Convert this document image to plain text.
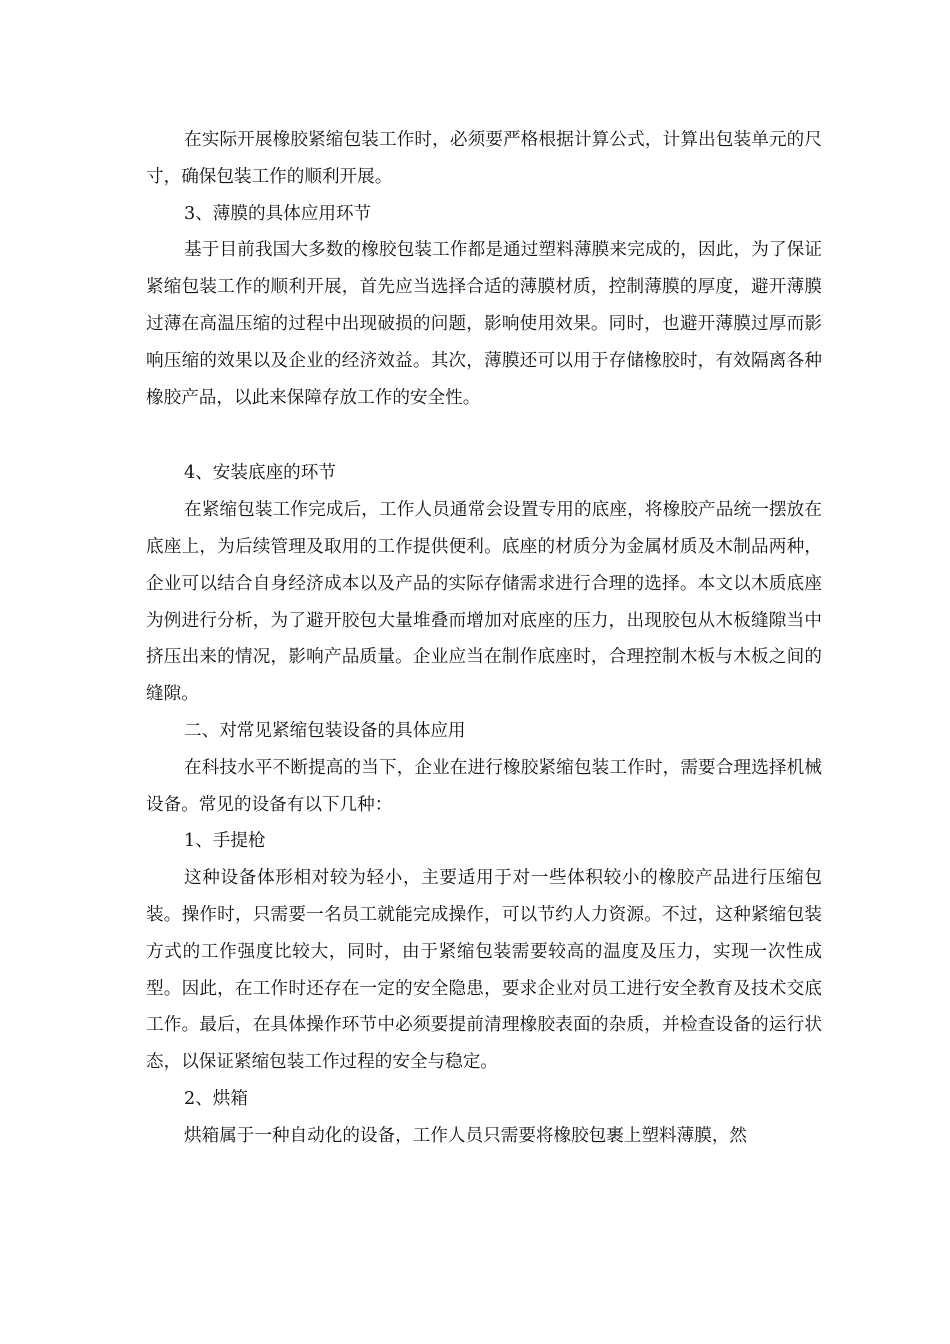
在实际开展橡胶紧缩包装工作时，必须要严格根据计算公式，计算出包装单元的尺寸，确保包装工作的顺利开展。

3、薄膜的具体应用环节

基于目前我国大多数的橡胶包装工作都是通过塑料薄膜来完成的，因此，为了保证紧缩包装工作的顺利开展，首先应当选择合适的薄膜材质，控制薄膜的厚度，避开薄膜过薄在高温压缩的过程中出现破损的问题，影响使用效果。同时，也避开薄膜过厚而影响压缩的效果以及企业的经济效益。其次，薄膜还可以用于存储橡胶时，有效隔离各种橡胶产品，以此来保障存放工作的安全性。

4、安装底座的环节

在紧缩包装工作完成后，工作人员通常会设置专用的底座，将橡胶产品统一摆放在底座上，为后续管理及取用的工作提供便利。底座的材质分为金属材质及木制品两种，企业可以结合自身经济成本以及产品的实际存储需求进行合理的选择。本文以木质底座为例进行分析，为了避开胶包大量堆叠而增加对底座的压力，出现胶包从木板缝隙当中挤压出来的情况，影响产品质量。企业应当在制作底座时，合理控制木板与木板之间的缝隙。

二、对常见紧缩包装设备的具体应用

在科技水平不断提高的当下，企业在进行橡胶紧缩包装工作时，需要合理选择机械设备。常见的设备有以下几种：

1、手提枪

这种设备体形相对较为轻小，主要适用于对一些体积较小的橡胶产品进行压缩包装。操作时，只需要一名员工就能完成操作，可以节约人力资源。不过，这种紧缩包装方式的工作强度比较大，同时，由于紧缩包装需要较高的温度及压力，实现一次性成型。因此，在工作时还存在一定的安全隐患，要求企业对员工进行安全教育及技术交底工作。最后，在具体操作环节中必须要提前清理橡胶表面的杂质，并检查设备的运行状态，以保证紧缩包装工作过程的安全与稳定。

2、烘箱

烘箱属于一种自动化的设备，工作人员只需要将橡胶包裹上塑料薄膜，然
